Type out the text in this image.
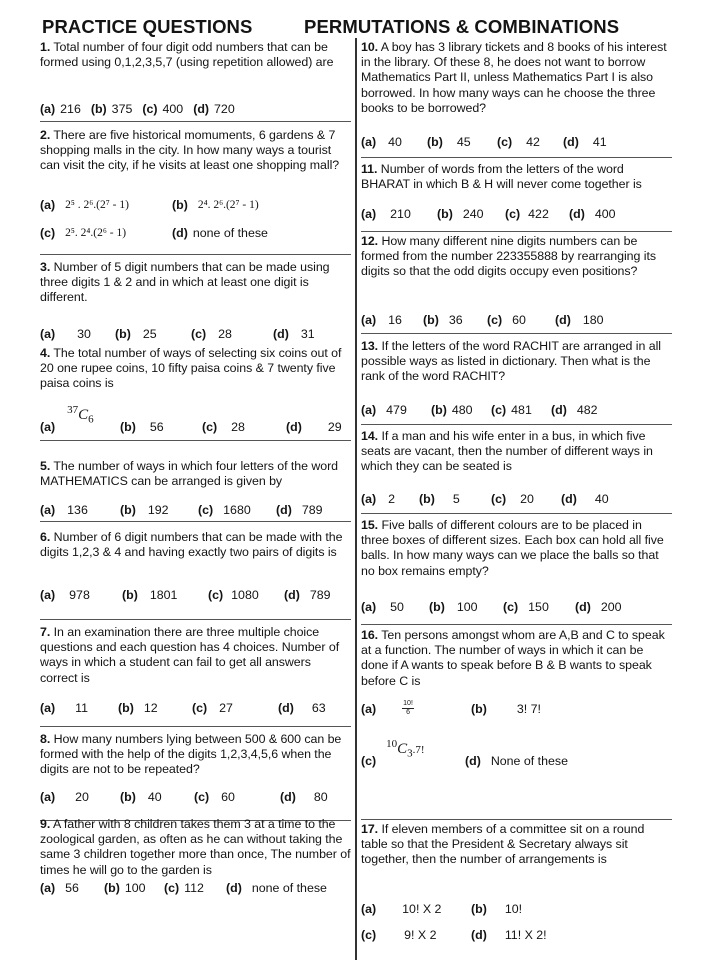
PRACTICE QUESTIONS	PERMUTATIONS & COMBINATIONS
1. Total number of four digit odd numbers that can be formed using 0,1,2,3,5,7 (using repetition allowed) are
(a) 216 (b) 375 (c) 400 (d) 720
2. There are five historical momuments, 6 gardens & 7 shopping malls in the city. In how many ways a tourist can visit the city, if he visits at least one shopping mall?
(a) 2⁵ . 2⁶.(2⁷ - 1)	(b) 2⁴. 2⁶.(2⁷ - 1)
(c) 2⁵. 2⁴.(2⁶ - 1)	(d) none of these
3. Number of 5 digit numbers that can be made using three digits 1 & 2 and in which at least one digit is different.
(a) 30 (b) 25	(c) 28	(d) 31
4. The total number of ways of selecting six coins out of 20 one rupee coins, 10 fifty paisa coins & 7 twenty five paisa coins is
(a)
37C6
(b) 56	(c) 28	(d) 29
5. The number of ways in which four letters of the word MATHEMATICS can be arranged is given by
(a) 136	(b) 192 (c) 1680 (d) 789
6. Number of 6 digit numbers that can be made with the digits 1,2,3 & 4 and having exactly two pairs of digits is
(a) 978	(b) 1801 (c) 1080 (d) 789
7. In an examination there are three multiple choice questions and each question has 4 choices. Number of ways in which a student can fail to get all answers correct is
(a) 11 (b) 12	(c) 27	(d) 63
8. How many numbers lying between 500 & 600 can be formed with the help of the digits 1,2,3,4,5,6 when the digits are not to be repeated?
(a) 20	(b) 40	(c) 60	(d) 80
9. A father with 8 children takes them 3 at a time to the zoological garden, as often as he can without taking the same 3 children together more than once, The number of times he will go to the garden is
(a) 56 (b) 100 (c) 112 (d) none of these
10. A boy has 3 library tickets and 8 books of his interest in the library. Of these 8, he does not want to borrow Mathematics Part II, unless Mathematics Part I is also borrowed. In how many ways can he choose the three books to be borrowed?
(a) 40 (b) 45 (c) 42 (d) 41
11. Number of words from the letters of the word BHARAT in which B & H will never come together is
(a) 210 (b) 240 (c) 422 (d) 400
12. How many different nine digits numbers can be formed from the number 223355888 by rearranging its digits so that the odd digits occupy even positions?
(a) 16 (b) 36 (c) 60 (d) 180
13. If the letters of the word RACHIT are arranged in all possible ways as listed in dictionary. Then what is the rank of the word RACHIT?
(a) 479 (b) 480 (c) 481 (d) 482
14. If a man and his wife enter in a bus, in which five seats are vacant, then the number of different ways in which they can be seated is
(a) 2 (b) 5	(c) 20 (d) 40
15. Five balls of different colours are to be placed in three boxes of different sizes. Each box can hold all five balls. In how many ways can we place the balls so that no box remains empty?
(a) 50 (b) 100 (c) 150 (d) 200
16. Ten persons amongst whom are A,B and C to speak at a function. The number of ways in which it can be done if A wants to speak before B & B wants to speak before C is
(a)	$\frac{10!}{6}$	(b) 3! 7!
(c)
10C3.7!
(d) None of these
17. If eleven members of a committee sit on a round table so that the President & Secretary always sit together, then the number of arrangements is
(a) 10! X 2 (b) 10!
(c) 9! X 2	(d) 11! X 2!
